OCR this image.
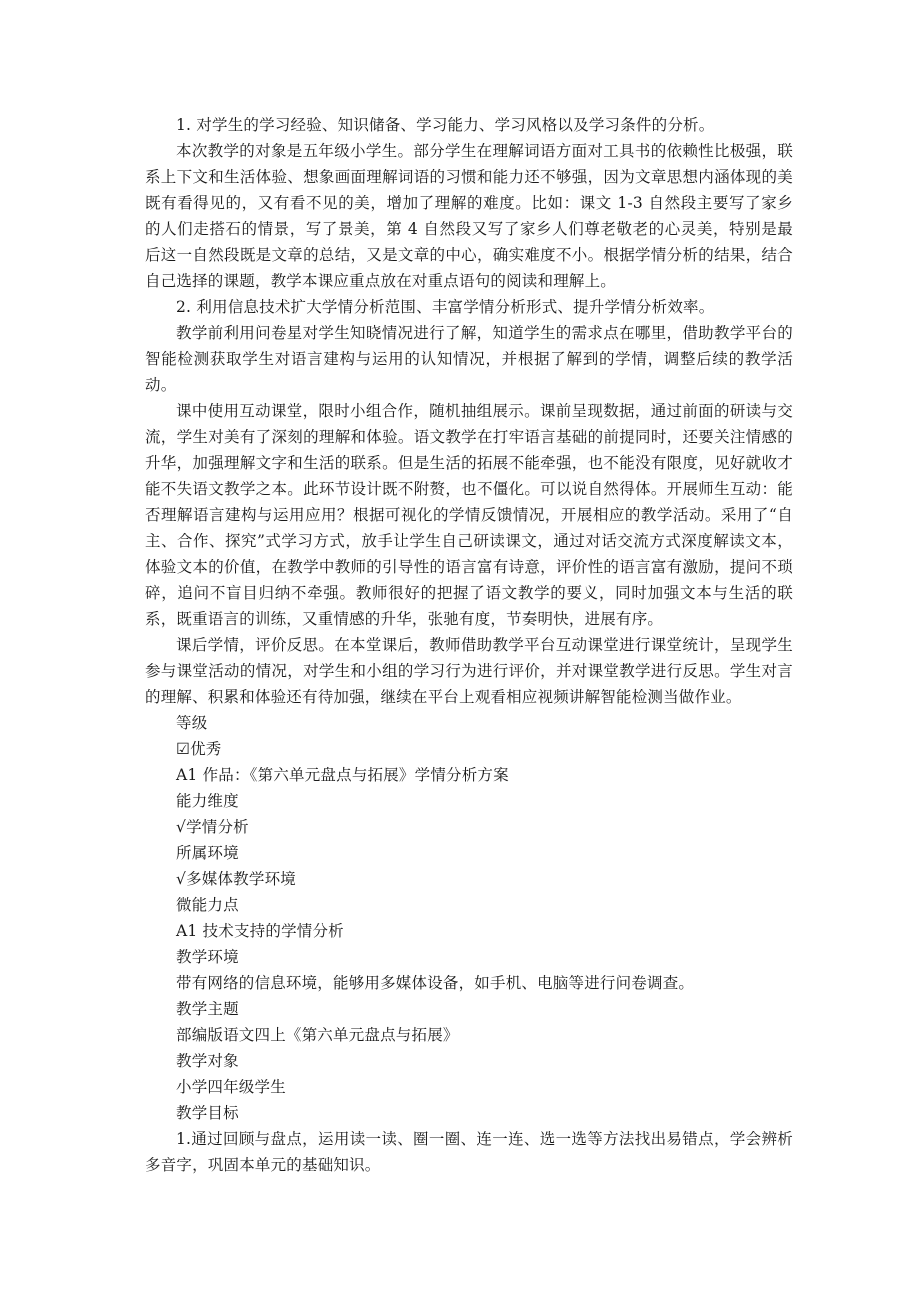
1. 对学生的学习经验、知识储备、学习能力、学习风格以及学习条件的分析。

本次教学的对象是五年级小学生。部分学生在理解词语方面对工具书的依赖性比极强，联系上下文和生活体验、想象画面理解词语的习惯和能力还不够强，因为文章思想内涵体现的美既有看得见的，又有看不见的美，增加了理解的难度。比如：课文 1-3 自然段主要写了家乡的人们走搭石的情景，写了景美，第 4 自然段又写了家乡人们尊老敬老的心灵美，特别是最后这一自然段既是文章的总结，又是文章的中心，确实难度不小。根据学情分析的结果，结合自己选择的课题，教学本课应重点放在对重点语句的阅读和理解上。

2. 利用信息技术扩大学情分析范围、丰富学情分析形式、提升学情分析效率。

教学前利用问卷星对学生知晓情况进行了解，知道学生的需求点在哪里，借助教学平台的智能检测获取学生对语言建构与运用的认知情况，并根据了解到的学情，调整后续的教学活动。

课中使用互动课堂，限时小组合作，随机抽组展示。课前呈现数据，通过前面的研读与交流，学生对美有了深刻的理解和体验。语文教学在打牢语言基础的前提同时，还要关注情感的升华，加强理解文字和生活的联系。但是生活的拓展不能牵强，也不能没有限度，见好就收才能不失语文教学之本。此环节设计既不附赘，也不僵化。可以说自然得体。开展师生互动：能否理解语言建构与运用应用？根据可视化的学情反馈情况，开展相应的教学活动。采用了“自主、合作、探究”式学习方式，放手让学生自己研读课文，通过对话交流方式深度解读文本，体验文本的价值，在教学中教师的引导性的语言富有诗意，评价性的语言富有激励，提问不琐碎，追问不盲目归纳不牵强。教师很好的把握了语文教学的要义，同时加强文本与生活的联系，既重语言的训练，又重情感的升华，张驰有度，节奏明快，进展有序。

课后学情，评价反思。在本堂课后，教师借助教学平台互动课堂进行课堂统计，呈现学生参与课堂活动的情况，对学生和小组的学习行为进行评价，并对课堂教学进行反思。学生对言的理解、积累和体验还有待加强，继续在平台上观看相应视频讲解智能检测当做作业。

等级

☑优秀

A1 作品：《第六单元盘点与拓展》学情分析方案

能力维度

√学情分析

所属环境

√多媒体教学环境

微能力点

A1 技术支持的学情分析

教学环境

带有网络的信息环境，能够用多媒体设备，如手机、电脑等进行问卷调查。

教学主题

部编版语文四上《第六单元盘点与拓展》

教学对象

小学四年级学生

教学目标

1.通过回顾与盘点，运用读一读、圈一圈、连一连、选一选等方法找出易错点，学会辨析多音字，巩固本单元的基础知识。
